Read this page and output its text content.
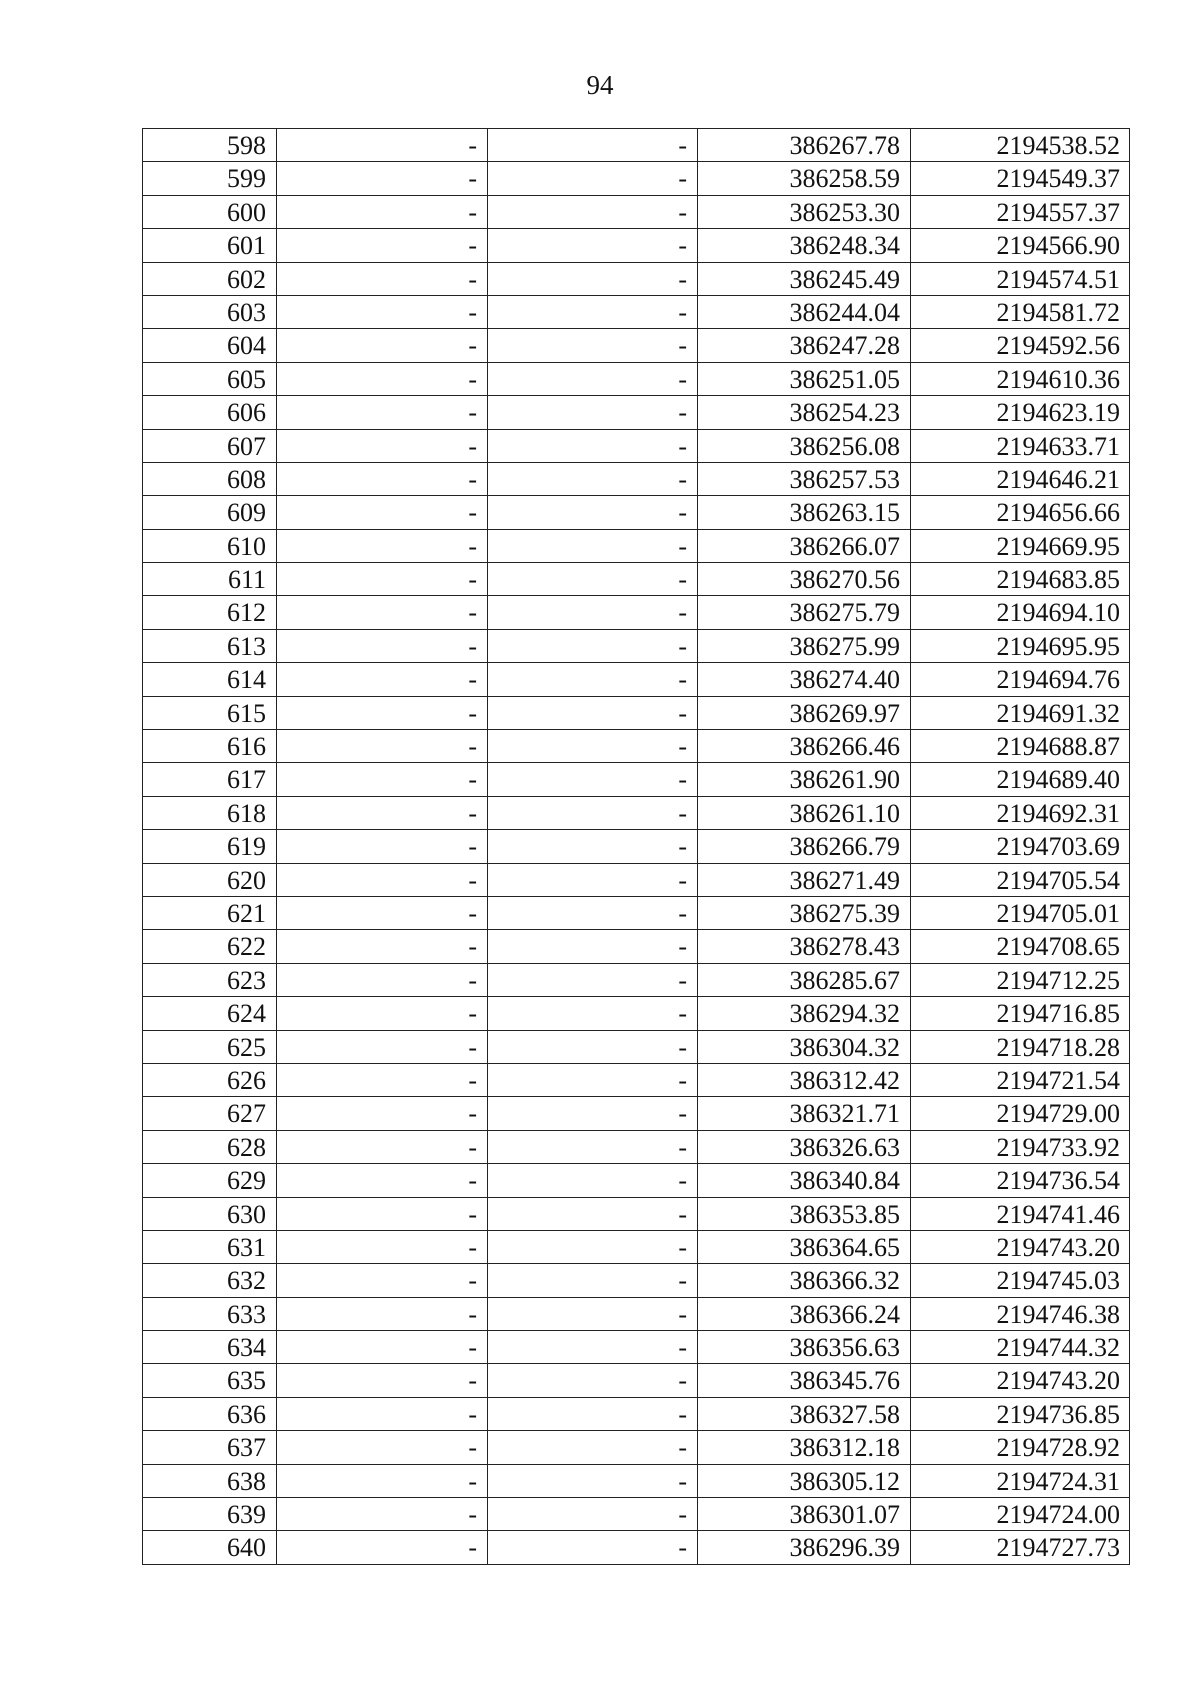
94
598	-	-	386267.78	2194538.52
599	-	-	386258.59	2194549.37
600	-	-	386253.30	2194557.37
601	-	-	386248.34	2194566.90
602	-	-	386245.49	2194574.51
603	-	-	386244.04	2194581.72
604	-	-	386247.28	2194592.56
605	-	-	386251.05	2194610.36
606	-	-	386254.23	2194623.19
607	-	-	386256.08	2194633.71
608	-	-	386257.53	2194646.21
609	-	-	386263.15	2194656.66
610	-	-	386266.07	2194669.95
611	-	-	386270.56	2194683.85
612	-	-	386275.79	2194694.10
613	-	-	386275.99	2194695.95
614	-	-	386274.40	2194694.76
615	-	-	386269.97	2194691.32
616	-	-	386266.46	2194688.87
617	-	-	386261.90	2194689.40
618	-	-	386261.10	2194692.31
619	-	-	386266.79	2194703.69
620	-	-	386271.49	2194705.54
621	-	-	386275.39	2194705.01
622	-	-	386278.43	2194708.65
623	-	-	386285.67	2194712.25
624	-	-	386294.32	2194716.85
625	-	-	386304.32	2194718.28
626	-	-	386312.42	2194721.54
627	-	-	386321.71	2194729.00
628	-	-	386326.63	2194733.92
629	-	-	386340.84	2194736.54
630	-	-	386353.85	2194741.46
631	-	-	386364.65	2194743.20
632	-	-	386366.32	2194745.03
633	-	-	386366.24	2194746.38
634	-	-	386356.63	2194744.32
635	-	-	386345.76	2194743.20
636	-	-	386327.58	2194736.85
637	-	-	386312.18	2194728.92
638	-	-	386305.12	2194724.31
639	-	-	386301.07	2194724.00
640	-	-	386296.39	2194727.73
